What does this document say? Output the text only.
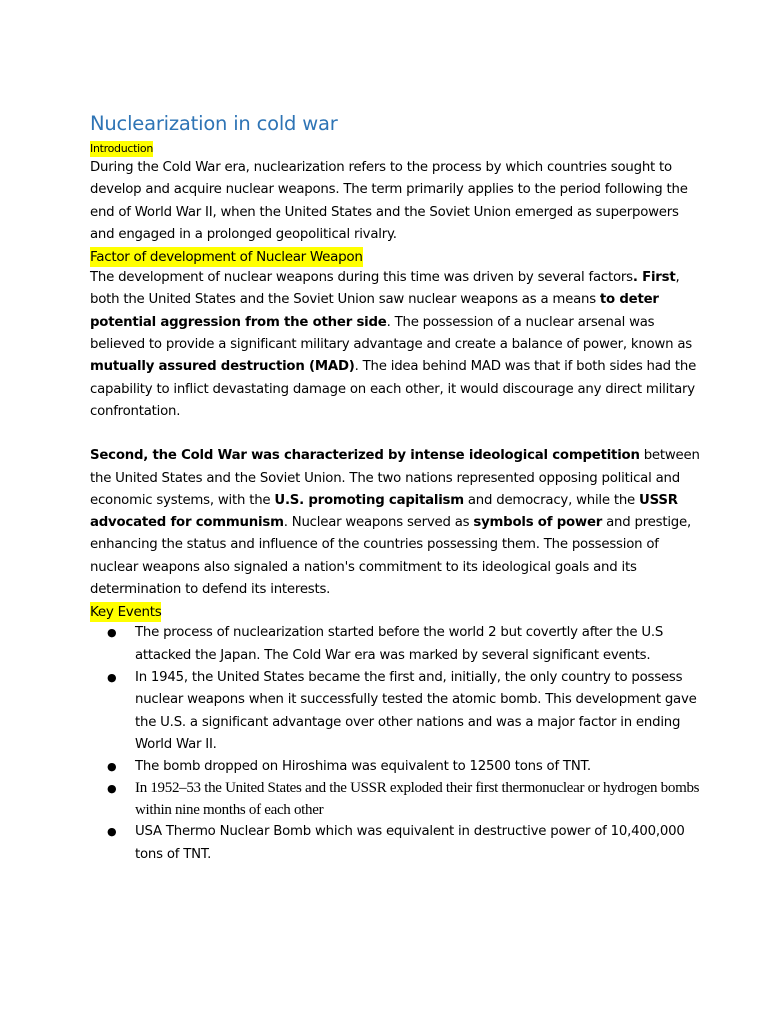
Nuclearization in cold war
Introduction

During the Cold War era, nuclearization refers to the process by which countries sought to develop and acquire nuclear weapons. The term primarily applies to the period following the end of World War II, when the United States and the Soviet Union emerged as superpowers and engaged in a prolonged geopolitical rivalry.

Factor of development of Nuclear Weapon

The development of nuclear weapons during this time was driven by several factors. First, both the United States and the Soviet Union saw nuclear weapons as a means to deter potential aggression from the other side. The possession of a nuclear arsenal was believed to provide a significant military advantage and create a balance of power, known as mutually assured destruction (MAD). The idea behind MAD was that if both sides had the capability to inflict devastating damage on each other, it would discourage any direct military confrontation.

Second, the Cold War was characterized by intense ideological competition between the United States and the Soviet Union. The two nations represented opposing political and economic systems, with the U.S. promoting capitalism and democracy, while the USSR advocated for communism. Nuclear weapons served as symbols of power and prestige, enhancing the status and influence of the countries possessing them. The possession of nuclear weapons also signaled a nation's commitment to its ideological goals and its determination to defend its interests.

Key Events
● The process of nuclearization started before the world 2 but covertly after the U.S attacked the Japan. The Cold War era was marked by several significant events.
● In 1945, the United States became the first and, initially, the only country to possess nuclear weapons when it successfully tested the atomic bomb. This development gave the U.S. a significant advantage over other nations and was a major factor in ending World War II.
● The bomb dropped on Hiroshima was equivalent to 12500 tons of TNT.
● In 1952–53 the United States and the USSR exploded their first thermonuclear or hydrogen bombs within nine months of each other
● USA Thermo Nuclear Bomb which was equivalent in destructive power of 10,400,000 tons of TNT.
